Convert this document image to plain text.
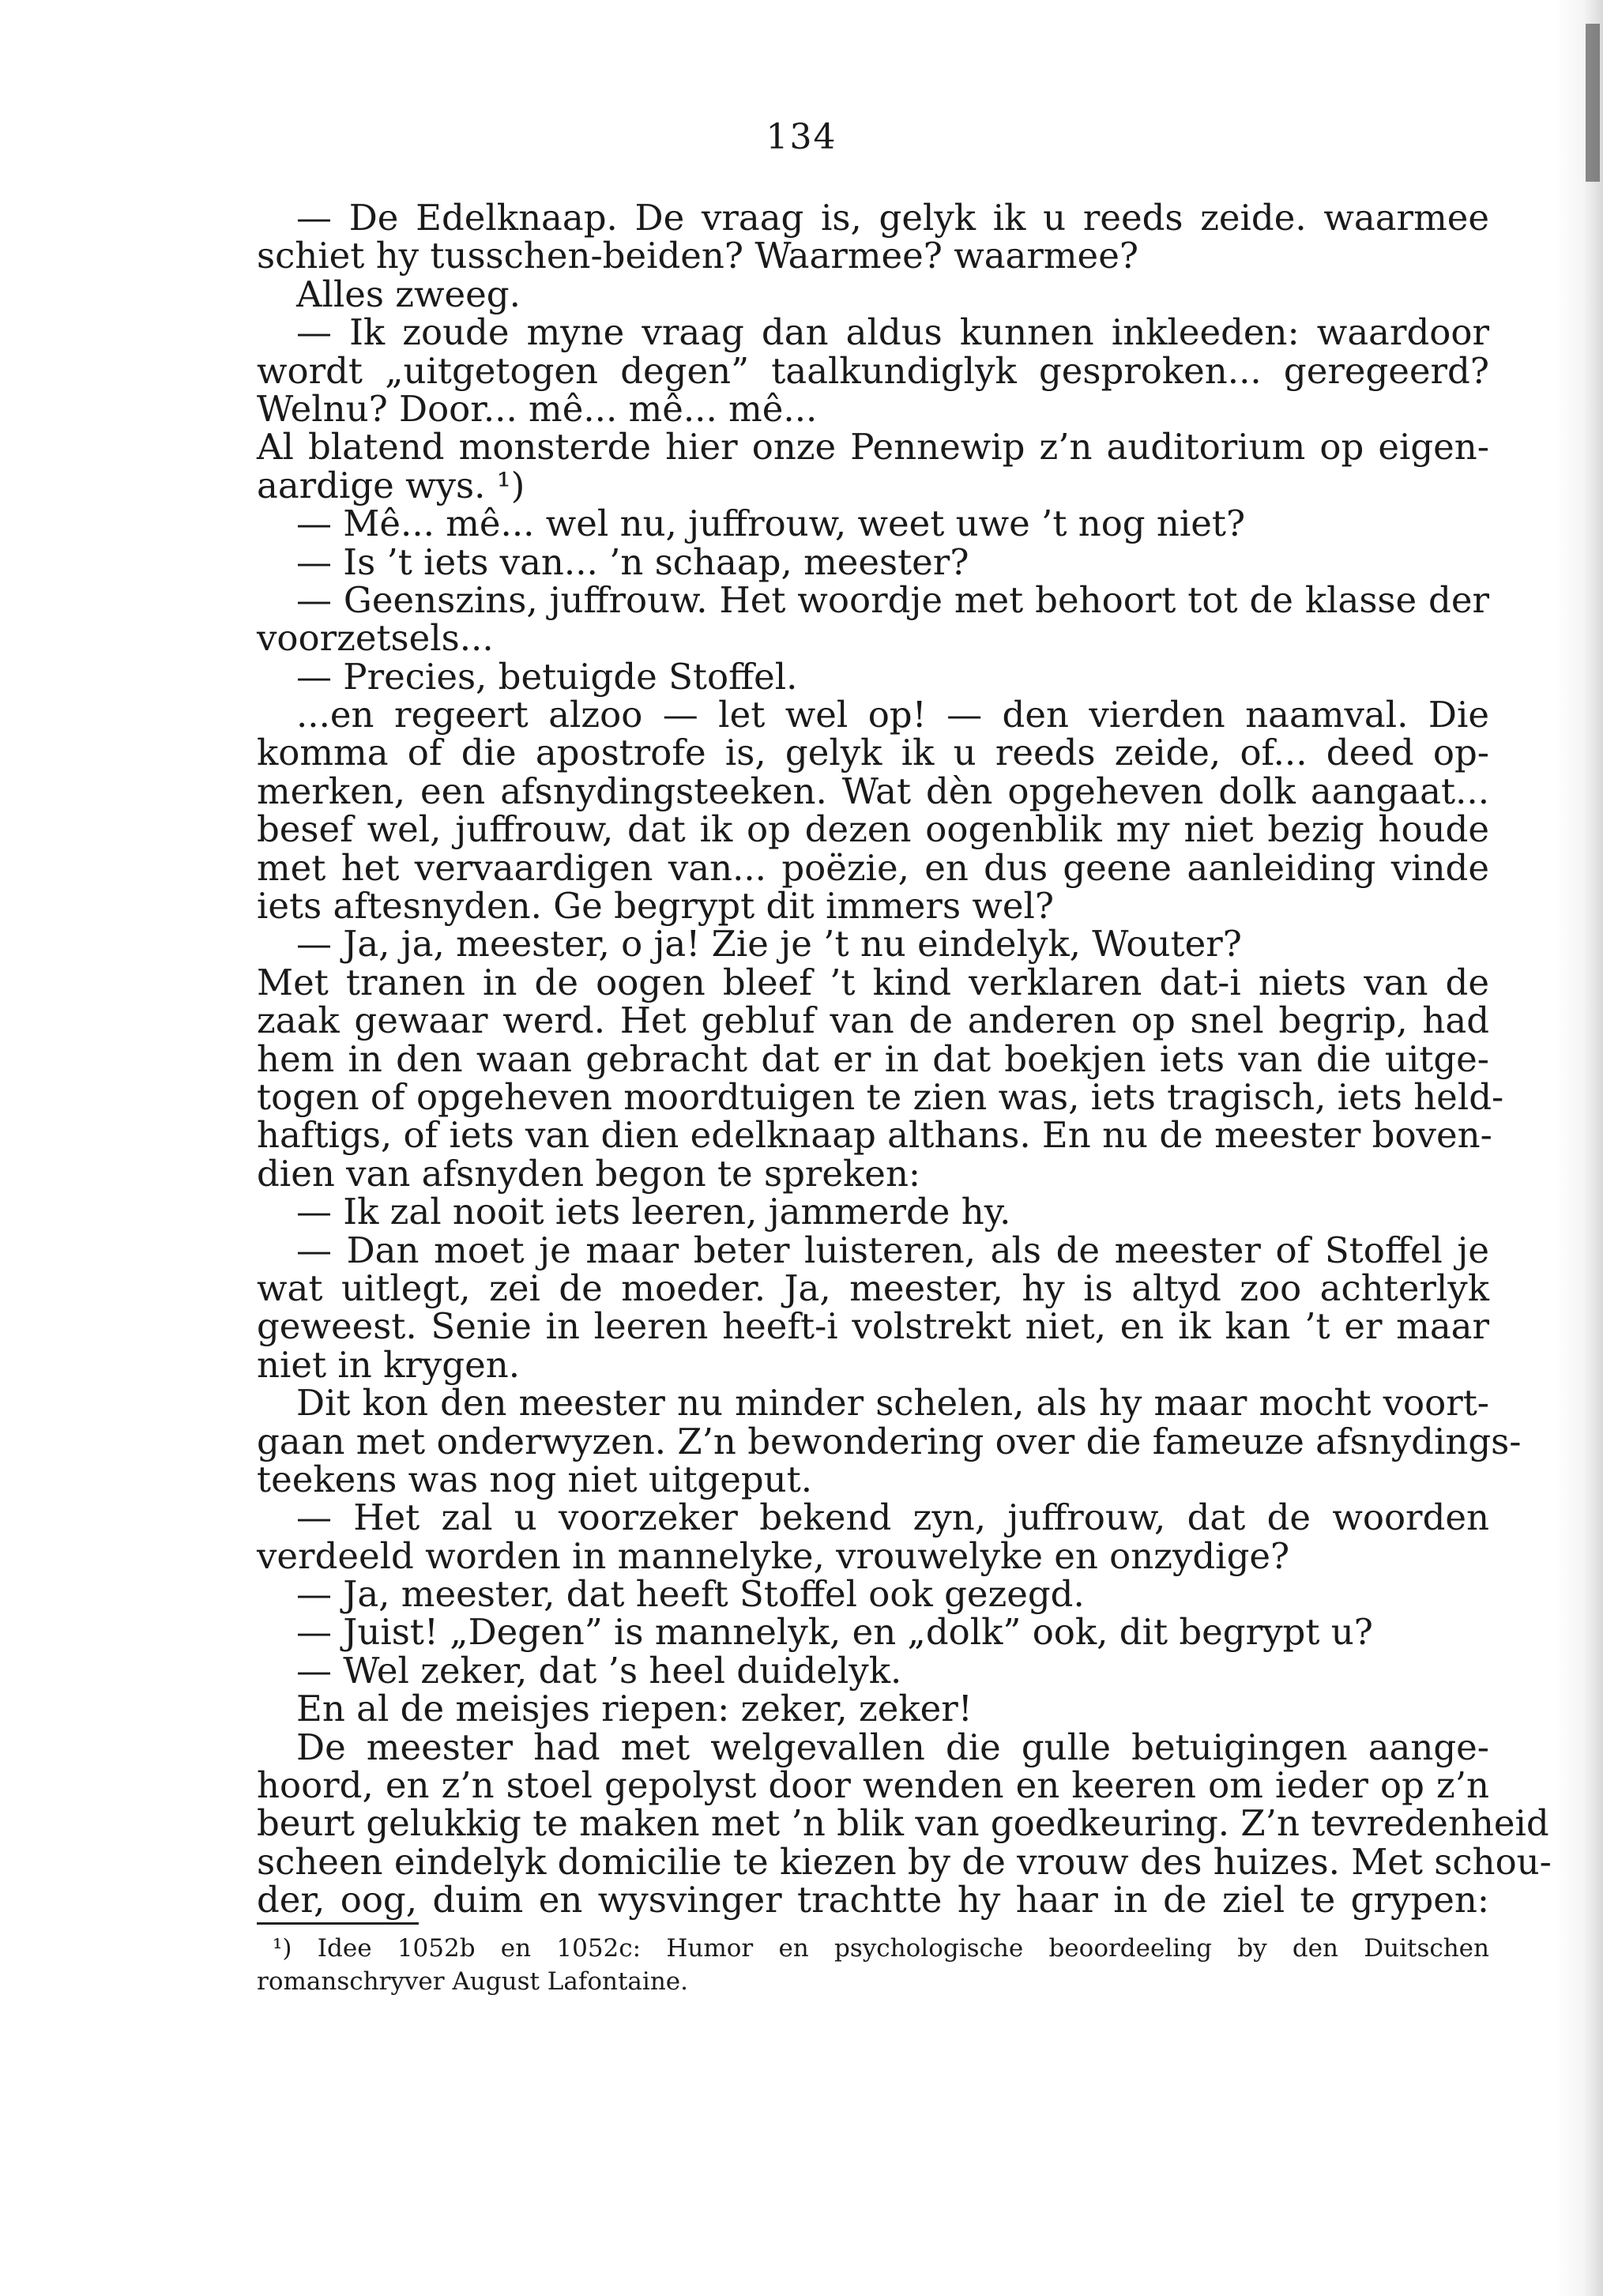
134
— De Edelknaap. De vraag is, gelyk ik u reeds zeide. waarmee
schiet hy tusschen-beiden? Waarmee? waarmee?
Alles zweeg.
— Ik zoude myne vraag dan aldus kunnen inkleeden: waardoor
wordt „uitgetogen degen” taalkundiglyk gesproken... geregeerd?
Welnu? Door... mê... mê... mê...
Al blatend monsterde hier onze Pennewip z’n auditorium op eigen-
aardige wys. ¹)
— Mê... mê... wel nu, juffrouw, weet uwe ’t nog niet?
— Is ’t iets van... ’n schaap, meester?
— Geenszins, juffrouw. Het woordje met behoort tot de klasse der
voorzetsels...
— Precies, betuigde Stoffel.
...en regeert alzoo — let wel op! — den vierden naamval. Die
komma of die apostrofe is, gelyk ik u reeds zeide, of... deed op-
merken, een afsnydingsteeken. Wat dèn opgeheven dolk aangaat...
besef wel, juffrouw, dat ik op dezen oogenblik my niet bezig houde
met het vervaardigen van... poëzie, en dus geene aanleiding vinde
iets aftesnyden. Ge begrypt dit immers wel?
— Ja, ja, meester, o ja! Zie je ’t nu eindelyk, Wouter?
Met tranen in de oogen bleef ’t kind verklaren dat-i niets van de
zaak gewaar werd. Het gebluf van de anderen op snel begrip, had
hem in den waan gebracht dat er in dat boekjen iets van die uitge-
togen of opgeheven moordtuigen te zien was, iets tragisch, iets held-
haftigs, of iets van dien edelknaap althans. En nu de meester boven-
dien van afsnyden begon te spreken:
— Ik zal nooit iets leeren, jammerde hy.
— Dan moet je maar beter luisteren, als de meester of Stoffel je
wat uitlegt, zei de moeder. Ja, meester, hy is altyd zoo achterlyk
geweest. Senie in leeren heeft-i volstrekt niet, en ik kan ’t er maar
niet in krygen.
Dit kon den meester nu minder schelen, als hy maar mocht voort-
gaan met onderwyzen. Z’n bewondering over die fameuze afsnydings-
teekens was nog niet uitgeput.
— Het zal u voorzeker bekend zyn, juffrouw, dat de woorden
verdeeld worden in mannelyke, vrouwelyke en onzydige?
— Ja, meester, dat heeft Stoffel ook gezegd.
— Juist! „Degen” is mannelyk, en „dolk” ook, dit begrypt u?
— Wel zeker, dat ’s heel duidelyk.
En al de meisjes riepen: zeker, zeker!
De meester had met welgevallen die gulle betuigingen aange-
hoord, en z’n stoel gepolyst door wenden en keeren om ieder op z’n
beurt gelukkig te maken met ’n blik van goedkeuring. Z’n tevredenheid
scheen eindelyk domicilie te kiezen by de vrouw des huizes. Met schou-
der, oog, duim en wysvinger trachtte hy haar in de ziel te grypen:
¹) Idee 1052b en 1052c: Humor en psychologische beoordeeling by den Duitschen
romanschryver August Lafontaine.
